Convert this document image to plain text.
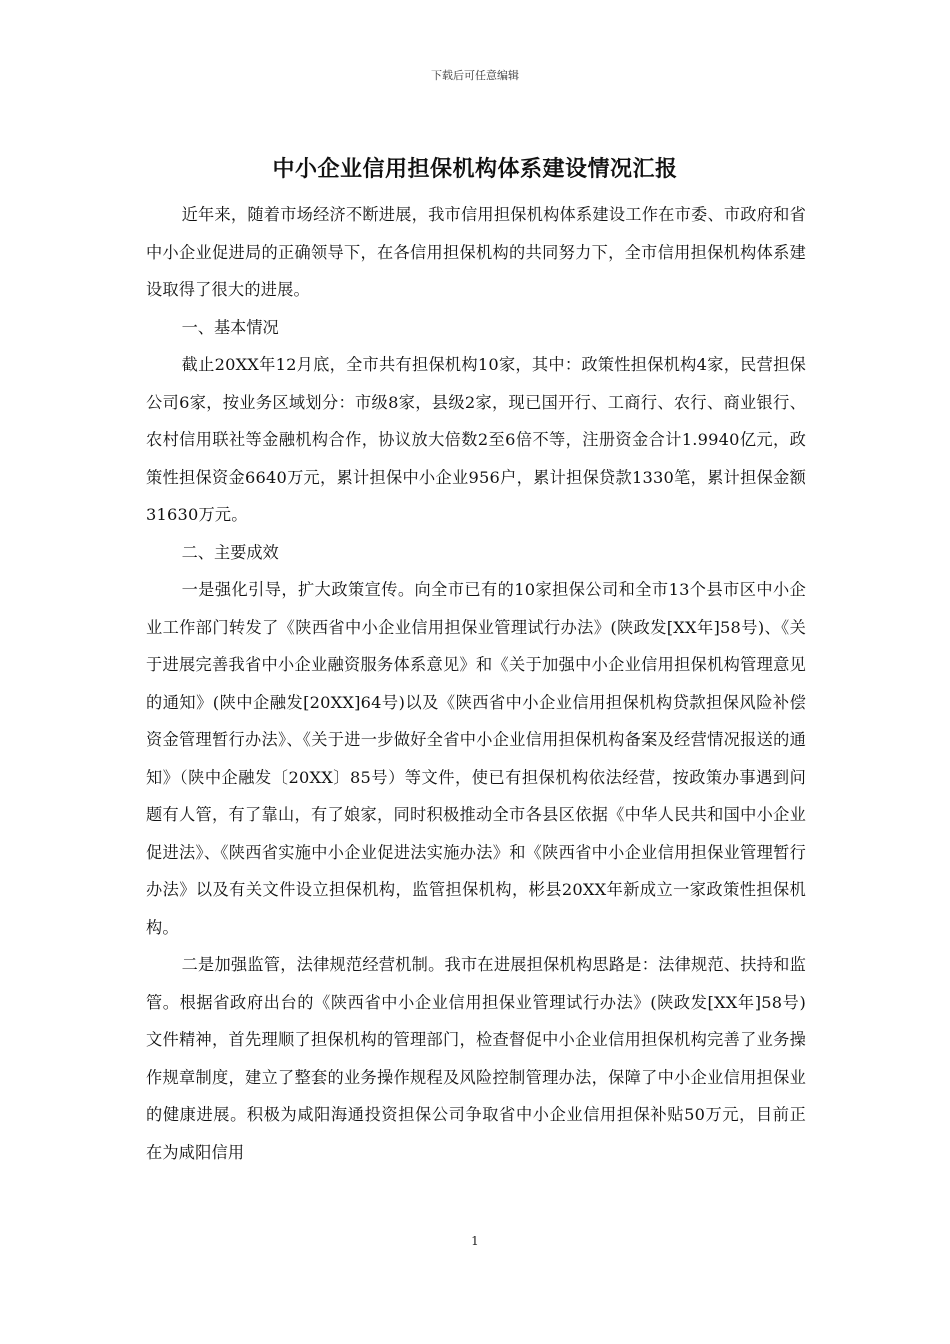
下载后可任意编辑
中小企业信用担保机构体系建设情况汇报

近年来，随着市场经济不断进展，我市信用担保机构体系建设工作在市委、市政府和省中小企业促进局的正确领导下，在各信用担保机构的共同努力下，全市信用担保机构体系建设取得了很大的进展。

一、基本情况

截止20XX年12月底，全市共有担保机构10家，其中：政策性担保机构4家，民营担保公司6家，按业务区域划分：市级8家，县级2家，现已国开行、工商行、农行、商业银行、农村信用联社等金融机构合作，协议放大倍数2至6倍不等，注册资金合计1.9940亿元，政策性担保资金6640万元，累计担保中小企业956户，累计担保贷款1330笔，累计担保金额31630万元。

二、主要成效

一是强化引导，扩大政策宣传。向全市已有的10家担保公司和全市13个县市区中小企业工作部门转发了《陕西省中小企业信用担保业管理试行办法》(陕政发[XX年]58号)、《关于进展完善我省中小企业融资服务体系意见》和《关于加强中小企业信用担保机构管理意见的通知》(陕中企融发[20XX]64号)以及《陕西省中小企业信用担保机构贷款担保风险补偿资金管理暂行办法》、《关于进一步做好全省中小企业信用担保机构备案及经营情况报送的通知》（陕中企融发〔20XX〕85号）等文件，使已有担保机构依法经营，按政策办事遇到问题有人管，有了靠山，有了娘家，同时积极推动全市各县区依据《中华人民共和国中小企业促进法》、《陕西省实施中小企业促进法实施办法》和《陕西省中小企业信用担保业管理暂行办法》以及有关文件设立担保机构，监管担保机构，彬县20XX年新成立一家政策性担保机构。

二是加强监管，法律规范经营机制。我市在进展担保机构思路是：法律规范、扶持和监管。根据省政府出台的《陕西省中小企业信用担保业管理试行办法》(陕政发[XX年]58号)文件精神，首先理顺了担保机构的管理部门，检查督促中小企业信用担保机构完善了业务操作规章制度，建立了整套的业务操作规程及风险控制管理办法，保障了中小企业信用担保业的健康进展。积极为咸阳海通投资担保公司争取省中小企业信用担保补贴50万元，目前正在为咸阳信用

1
